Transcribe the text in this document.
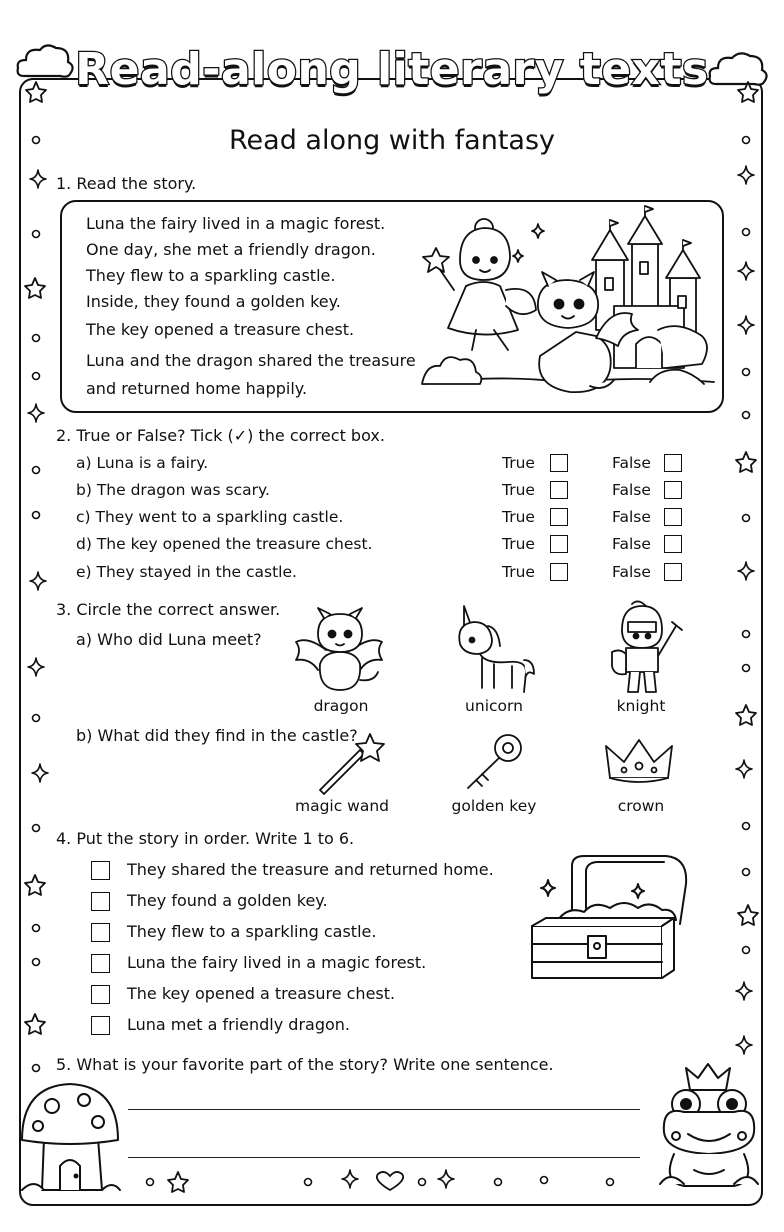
Read-along literary texts
Read along with fantasy
1. Read the story.
Luna the fairy lived in a magic forest.
One day, she met a friendly dragon.
They flew to a sparkling castle.
Inside, they found a golden key.
The key opened a treasure chest.
Luna and the dragon shared the treasure
and returned home happily.
2. True or False? Tick (✓) the correct box.
a) Luna is a fairy.	True	False
b) The dragon was scary.	True	False
c) They went to a sparkling castle.	True	False
d) The key opened the treasure chest.	True	False
e) They stayed in the castle.	True	False
3. Circle the correct answer.
a) Who did Luna meet?
dragon	unicorn	knight
b) What did they find in the castle?
magic wand	golden key	crown
4. Put the story in order. Write 1 to 6.
They shared the treasure and returned home.
They found a golden key.
They flew to a sparkling castle.
Luna the fairy lived in a magic forest.
The key opened a treasure chest.
Luna met a friendly dragon.
5. What is your favorite part of the story? Write one sentence.
